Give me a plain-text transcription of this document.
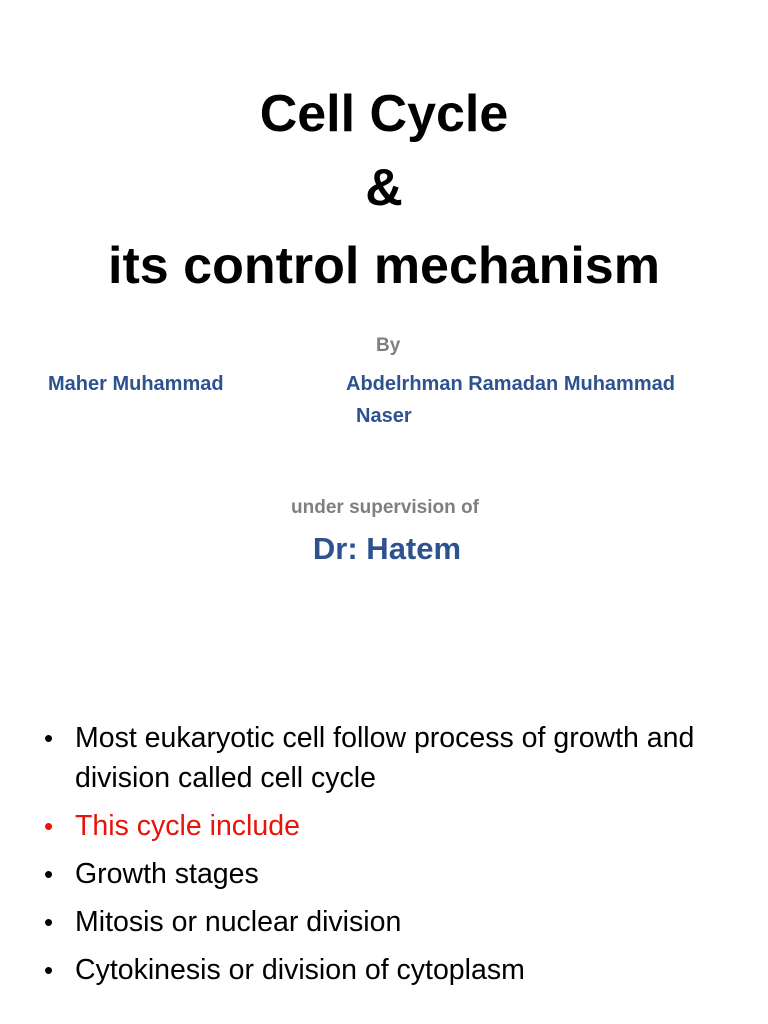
Cell Cycle
&
its control mechanism
By
Maher Muhammad	Abdelrhman Ramadan Muhammad
Naser
under supervision of
Dr: Hatem
• Most eukaryotic cell follow process of growth and division called cell cycle
• This cycle include
• Growth stages
• Mitosis or nuclear division
• Cytokinesis or division of cytoplasm
